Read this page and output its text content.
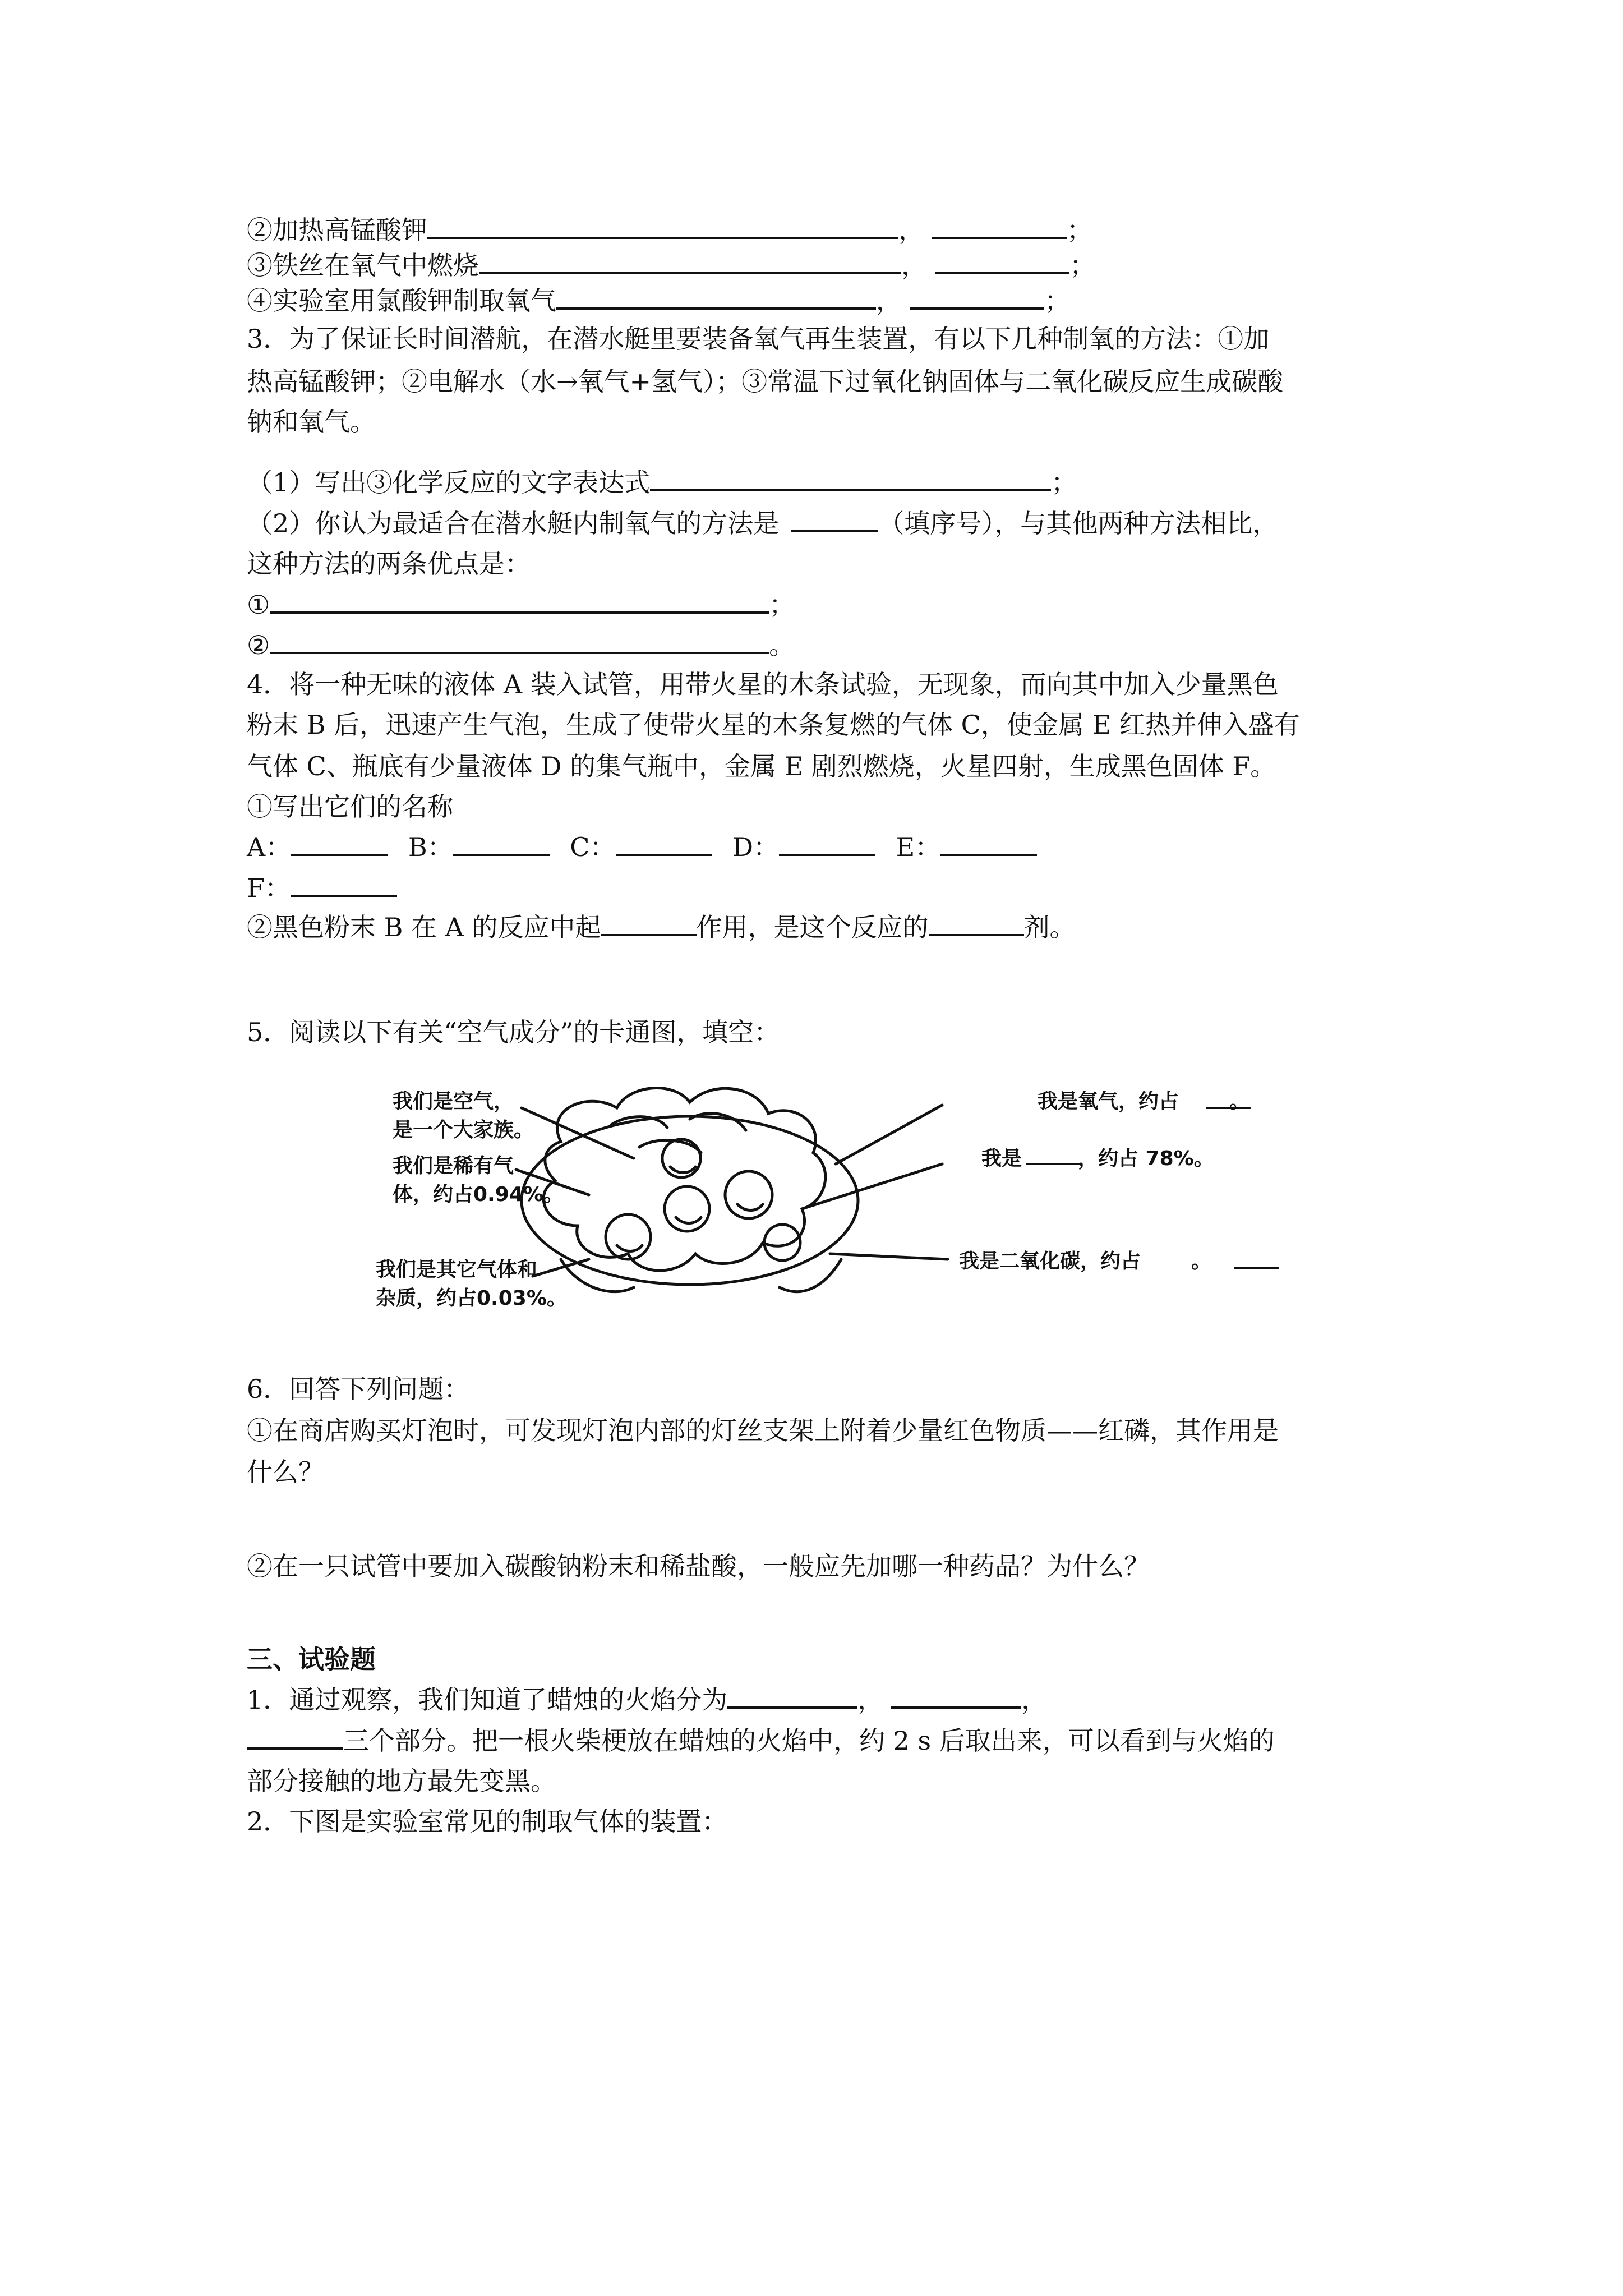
②加热高锰酸钾	，	；
③铁丝在氧气中燃烧	，	；
④实验室用氯酸钾制取氧气	，	；
3．为了保证长时间潜航，在潜水艇里要装备氧气再生装置，有以下几种制氧的方法：①加
热高锰酸钾；②电解水（水→氧气+氢气）；③常温下过氧化钠固体与二氧化碳反应生成碳酸
钠和氧气。
（1）写出③化学反应的文字表达式	；
（2）你认为最适合在潜水艇内制氧气的方法是	（填序号），与其他两种方法相比，
这种方法的两条优点是：
①	；
②	。
4．将一种无味的液体 A 装入试管，用带火星的木条试验，无现象，而向其中加入少量黑色
粉末 B 后，迅速产生气泡，生成了使带火星的木条复燃的气体 C，使金属 E 红热并伸入盛有
气体 C、瓶底有少量液体 D 的集气瓶中，金属 E 剧烈燃烧，火星四射，生成黑色固体 F。
①写出它们的名称
A：	B：	C：	D：	E：
F：
②黑色粉末 B 在 A 的反应中起	作用，是这个反应的	剂。
5．阅读以下有关“空气成分”的卡通图，填空：
我们是空气，
是一个大家族。
我们是稀有气
体，约占0.94%。
我们是其它气体和
杂质，约占0.03%。
我是氧气，约占	。
我是	，约占 78%。
我是二氧化碳，约占	。
6．回答下列问题：
①在商店购买灯泡时，可发现灯泡内部的灯丝支架上附着少量红色物质——红磷，其作用是
什么？
②在一只试管中要加入碳酸钠粉末和稀盐酸，一般应先加哪一种药品？为什么？
三、试验题
1．通过观察，我们知道了蜡烛的火焰分为	，	，
三个部分。把一根火柴梗放在蜡烛的火焰中，约 2 s 后取出来，可以看到与火焰的
部分接触的地方最先变黑。
2．下图是实验室常见的制取气体的装置：
